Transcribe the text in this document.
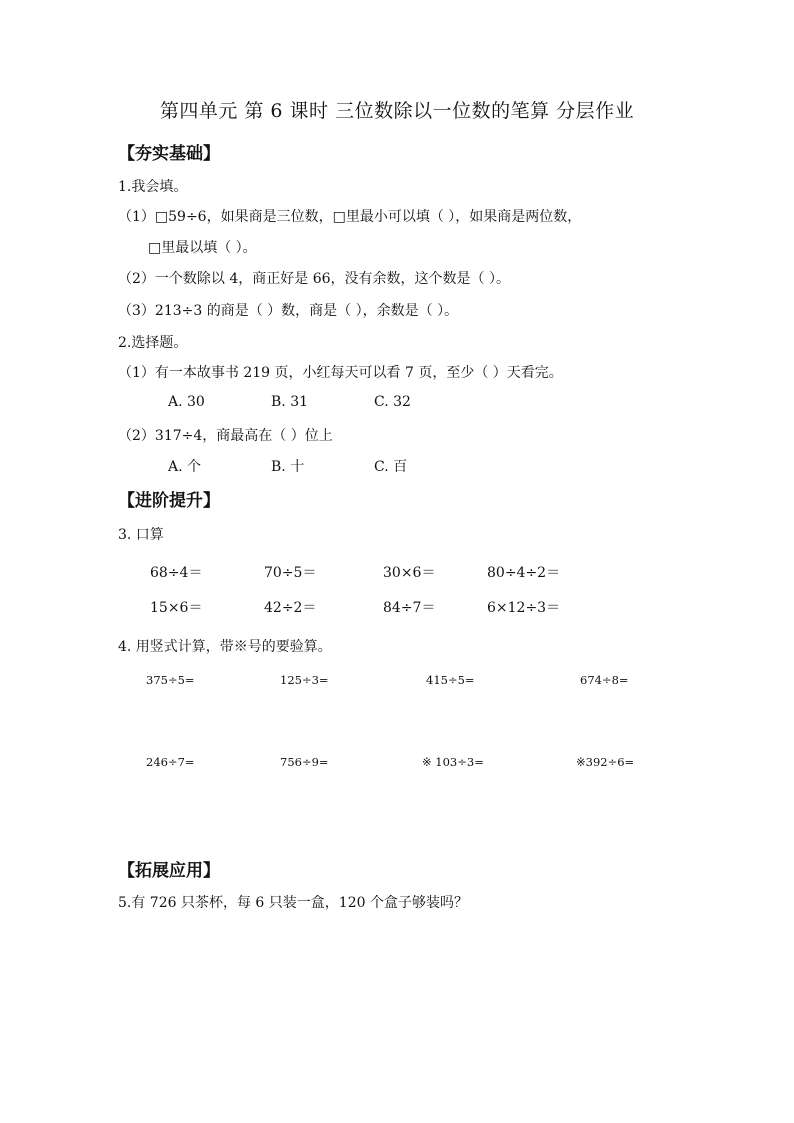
第四单元 第 6 课时 三位数除以一位数的笔算 分层作业
【夯实基础】
1.我会填。
（1）□59÷6，如果商是三位数，□里最小可以填（ ），如果商是两位数，
□里最以填（ ）。
（2）一个数除以 4，商正好是 66，没有余数，这个数是（ ）。
（3）213÷3 的商是（ ）数，商是（ ），余数是（ ）。
2.选择题。
（1）有一本故事书 219 页，小红每天可以看 7 页，至少（ ）天看完。
A. 30	B. 31	C. 32
（2）317÷4，商最高在（ ）位上
A. 个	B. 十	C. 百
【进阶提升】
3. 口算
68÷4＝	70÷5＝	30×6＝	80÷4÷2＝
15×6＝	42÷2＝	84÷7＝	6×12÷3＝
4. 用竖式计算，带※号的要验算。
375÷5=	125÷3=	415÷5=	674÷8=
246÷7=	756÷9=	※ 103÷3=	※392÷6=
【拓展应用】
5.有 726 只茶杯，每 6 只装一盒，120 个盒子够装吗？
